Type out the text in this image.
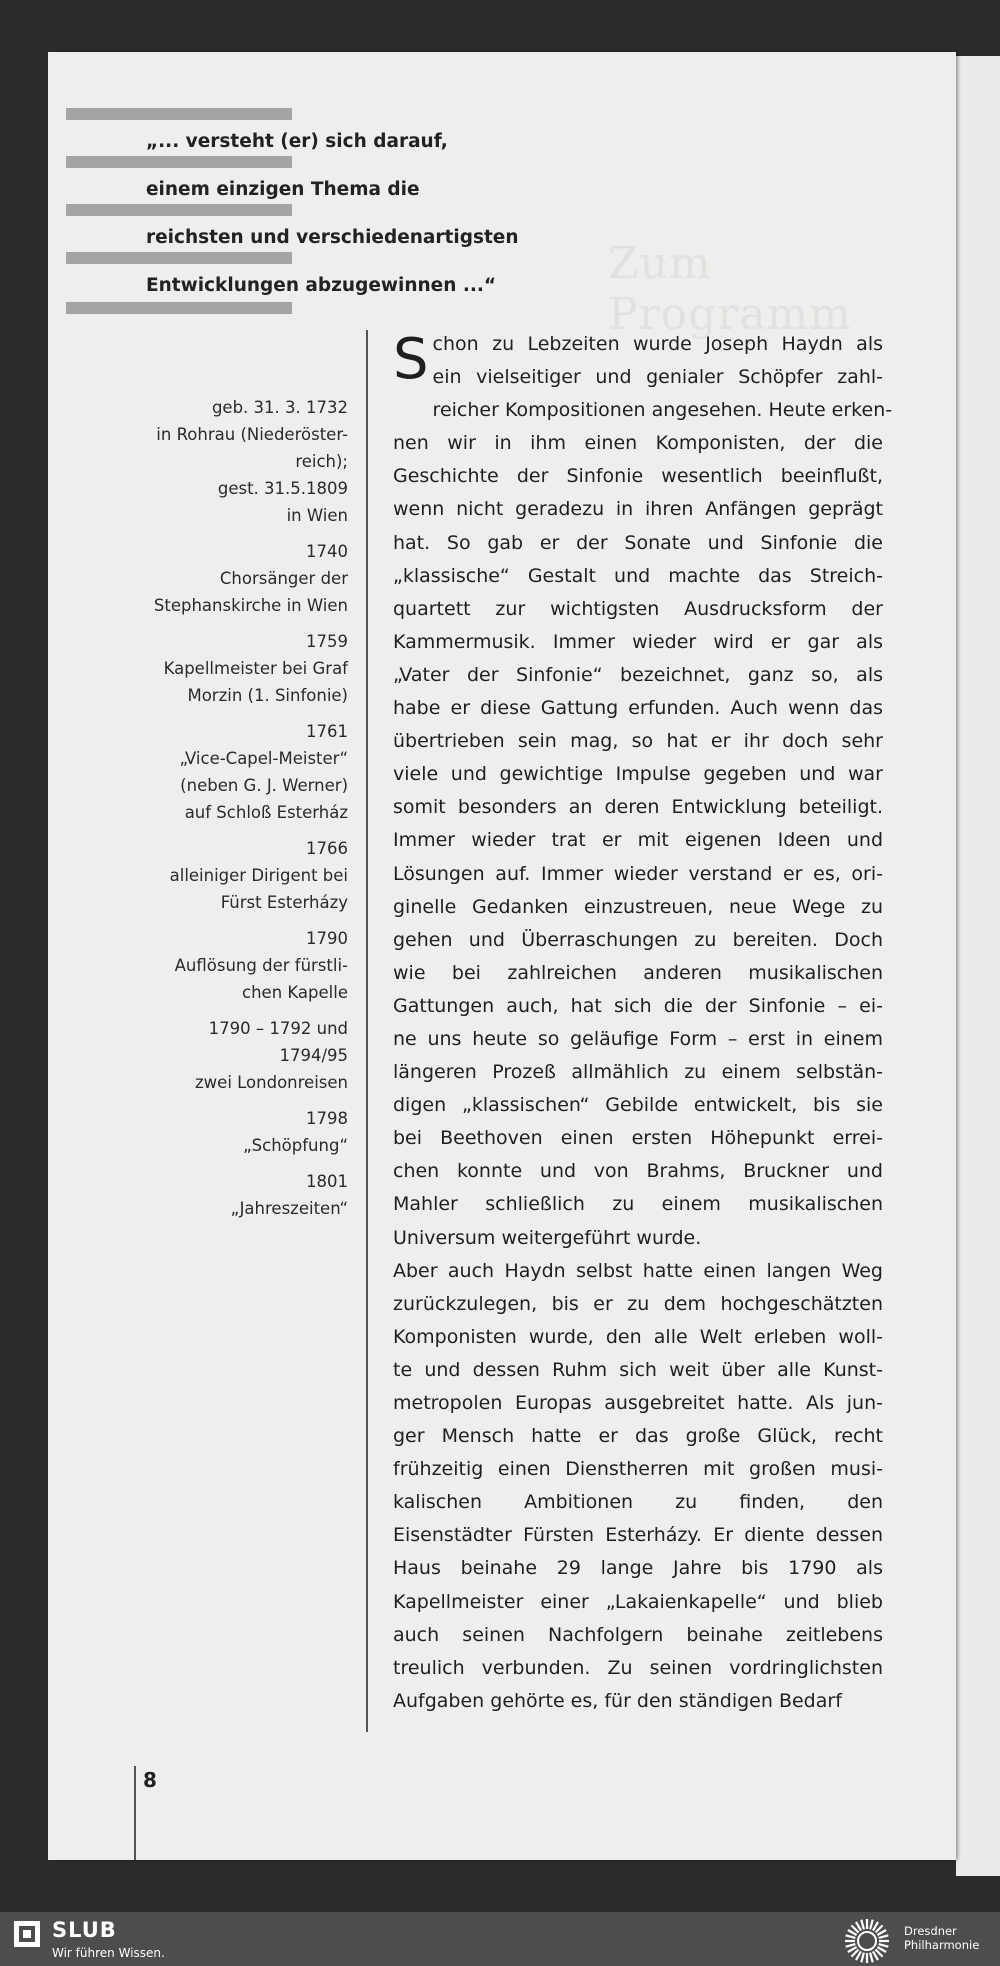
Zum Programm
„... versteht (er) sich darauf,
einem einzigen Thema die
reichsten und verschiedenartigsten
Entwicklungen abzugewinnen ...“
geb. 31. 3. 1732
in Rohrau (Niederöster-
reich);
gest. 31.5.1809
in Wien
1740
Chorsänger der
Stephanskirche in Wien
1759
Kapellmeister bei Graf
Morzin (1. Sinfonie)
1761
„Vice-Capel-Meister“
(neben G. J. Werner)
auf Schloß Esterház
1766
alleiniger Dirigent bei
Fürst Esterházy
1790
Auflösung der fürstli-
chen Kapelle
1790 – 1792 und
1794/95
zwei Londonreisen
1798
„Schöpfung“
1801
„Jahreszeiten“
S chon zu Lebzeiten wurde Joseph Haydn als
ein vielseitiger und genialer Schöpfer zahl-
reicher Kompositionen angesehen. Heute erken-
nen wir in ihm einen Komponisten, der die
Geschichte der Sinfonie wesentlich beeinflußt,
wenn nicht geradezu in ihren Anfängen geprägt
hat. So gab er der Sonate und Sinfonie die
„klassische“ Gestalt und machte das Streich-
quartett zur wichtigsten Ausdrucksform der
Kammermusik. Immer wieder wird er gar als
„Vater der Sinfonie“ bezeichnet, ganz so, als
habe er diese Gattung erfunden. Auch wenn das
übertrieben sein mag, so hat er ihr doch sehr
viele und gewichtige Impulse gegeben und war
somit besonders an deren Entwicklung beteiligt.
Immer wieder trat er mit eigenen Ideen und
Lösungen auf. Immer wieder verstand er es, ori-
ginelle Gedanken einzustreuen, neue Wege zu
gehen und Überraschungen zu bereiten. Doch
wie bei zahlreichen anderen musikalischen
Gattungen auch, hat sich die der Sinfonie – ei-
ne uns heute so geläufige Form – erst in einem
längeren Prozeß allmählich zu einem selbstän-
digen „klassischen“ Gebilde entwickelt, bis sie
bei Beethoven einen ersten Höhepunkt errei-
chen konnte und von Brahms, Bruckner und
Mahler schließlich zu einem musikalischen
Universum weitergeführt wurde.
Aber auch Haydn selbst hatte einen langen Weg
zurückzulegen, bis er zu dem hochgeschätzten
Komponisten wurde, den alle Welt erleben woll-
te und dessen Ruhm sich weit über alle Kunst-
metropolen Europas ausgebreitet hatte. Als jun-
ger Mensch hatte er das große Glück, recht
frühzeitig einen Dienstherren mit großen musi-
kalischen Ambitionen zu finden, den
Eisenstädter Fürsten Esterházy. Er diente dessen
Haus beinahe 29 lange Jahre bis 1790 als
Kapellmeister einer „Lakaienkapelle“ und blieb
auch seinen Nachfolgern beinahe zeitlebens
treulich verbunden. Zu seinen vordringlichsten
Aufgaben gehörte es, für den ständigen Bedarf
8
SLUB
Wir führen Wissen.
Dresdner
Philharmonie
